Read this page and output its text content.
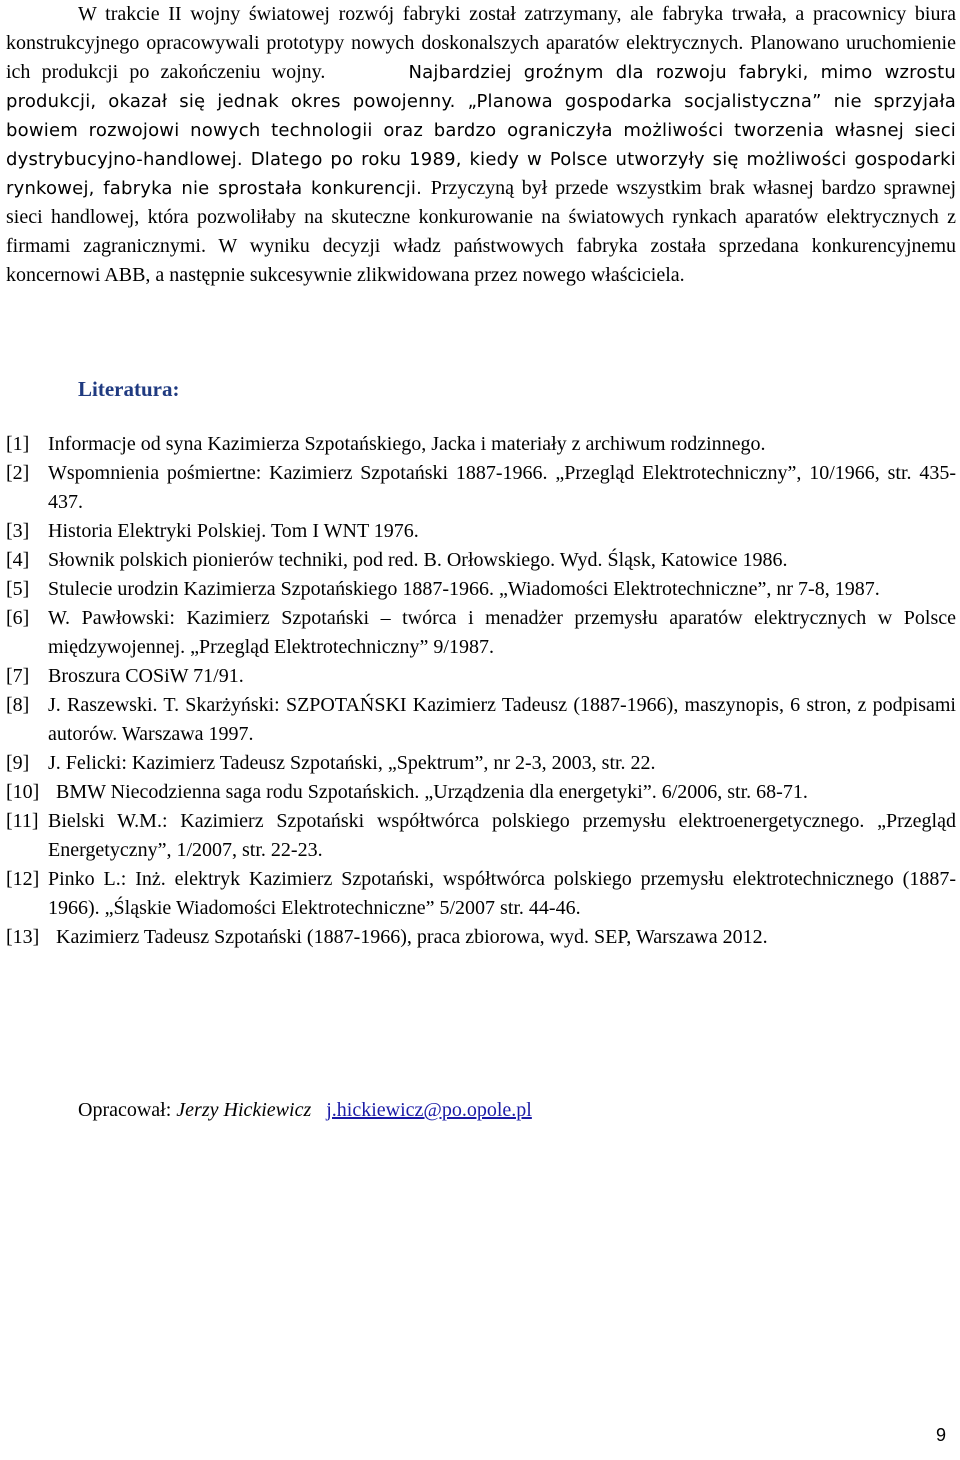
W trakcie II wojny światowej rozwój fabryki został zatrzymany, ale fabryka trwała, a pracownicy biura konstrukcyjnego opracowywali prototypy nowych doskonalszych aparatów elektrycznych. Planowano uruchomienie ich produkcji po zakończeniu wojny.	Najbardziej groźnym dla rozwoju fabryki, mimo wzrostu produkcji, okazał się jednak okres powojenny. „Planowa gospodarka socjalistyczna” nie sprzyjała bowiem rozwojowi nowych technologii oraz bardzo ograniczyła możliwości tworzenia własnej sieci dystrybucyjno-handlowej. Dlatego po roku 1989, kiedy w Polsce utworzyły się możliwości gospodarki rynkowej, fabryka nie sprostała konkurencji. Przyczyną był przede wszystkim brak własnej bardzo sprawnej sieci handlowej, która pozwoliłaby na skuteczne konkurowanie na światowych rynkach aparatów elektrycznych z firmami zagranicznymi. W wyniku decyzji władz państwowych fabryka została sprzedana konkurencyjnemu koncernowi ABB, a następnie sukcesywnie zlikwidowana przez nowego właściciela.

Literatura:
[1] Informacje od syna Kazimierza Szpotańskiego, Jacka i materiały z archiwum rodzinnego.
[2] Wspomnienia pośmiertne: Kazimierz Szpotański 1887-1966. „Przegląd Elektrotechniczny”, 10/1966, str. 435-437.
[3] Historia Elektryki Polskiej. Tom I WNT 1976.
[4] Słownik polskich pionierów techniki, pod red. B. Orłowskiego. Wyd. Śląsk, Katowice 1986.
[5] Stulecie urodzin Kazimierza Szpotańskiego 1887-1966. „Wiadomości Elektrotechniczne”, nr 7-8, 1987.
[6] W. Pawłowski: Kazimierz Szpotański – twórca i menadżer przemysłu aparatów elektrycznych w Polsce międzywojennej. „Przegląd Elektrotechniczny” 9/1987.
[7] Broszura COSiW 71/91.
[8] J. Raszewski. T. Skarżyński: SZPOTAŃSKI Kazimierz Tadeusz (1887-1966), maszynopis, 6 stron, z podpisami autorów. Warszawa 1997.
[9] J. Felicki: Kazimierz Tadeusz Szpotański, „Spektrum”, nr 2-3, 2003, str. 22.
[10] BMW Niecodzienna saga rodu Szpotańskich. „Urządzenia dla energetyki”. 6/2006, str. 68-71.
[11] Bielski W.M.: Kazimierz Szpotański współtwórca polskiego przemysłu elektroenergetycznego. „Przegląd Energetyczny”, 1/2007, str. 22-23.
[12] Pinko L.: Inż. elektryk Kazimierz Szpotański, współtwórca polskiego przemysłu elektrotechnicznego (1887-1966). „Śląskie Wiadomości Elektrotechniczne” 5/2007 str. 44-46.
[13] Kazimierz Tadeusz Szpotański (1887-1966), praca zbiorowa, wyd. SEP, Warszawa 2012.
Opracował: Jerzy Hickiewicz j.hickiewicz@po.opole.pl
9
